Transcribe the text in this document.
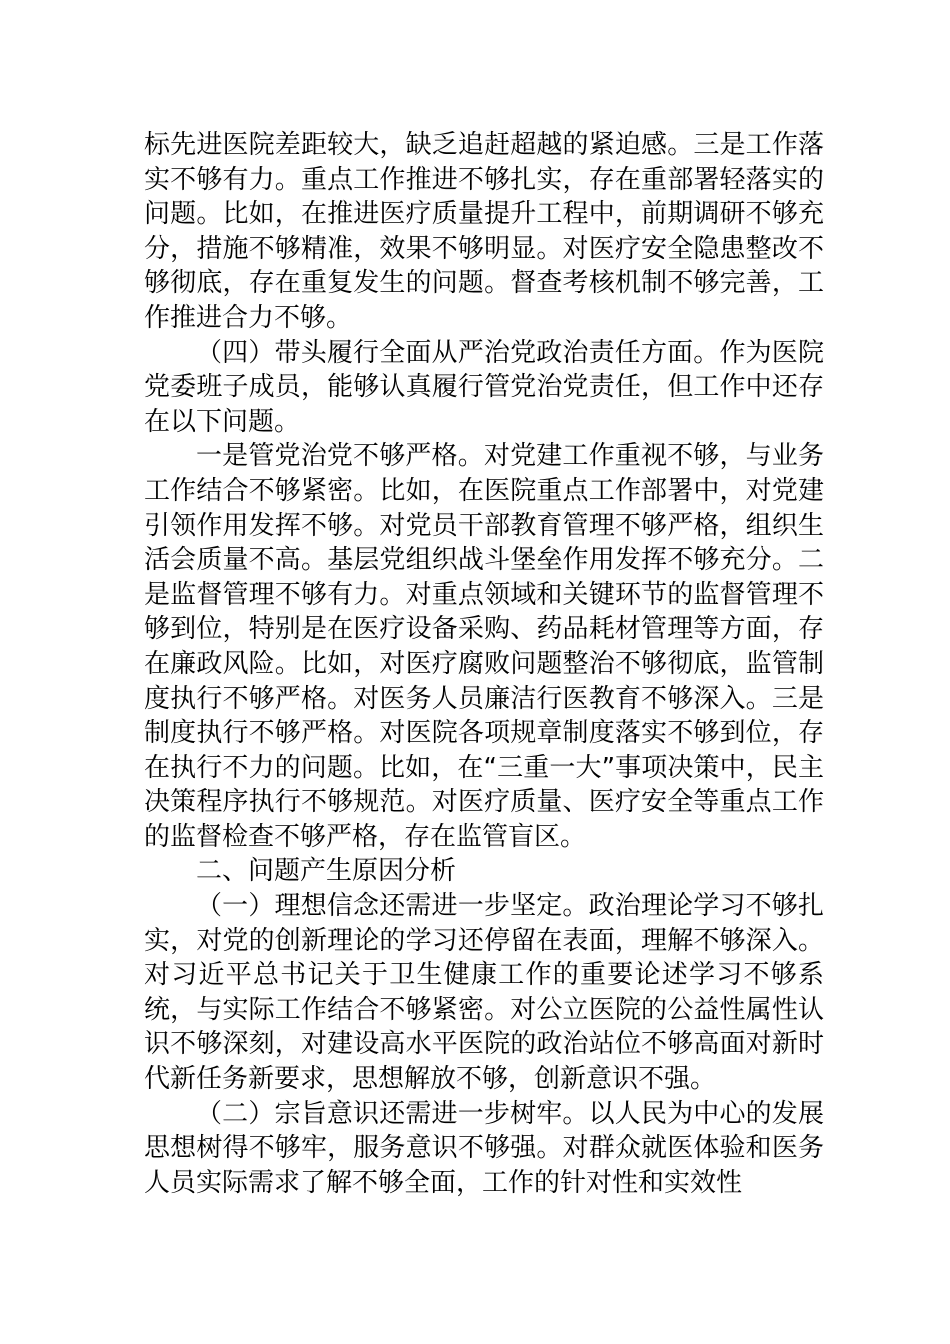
标先进医院差距较大，缺乏追赶超越的紧迫感。三是工作落实不够有力。重点工作推进不够扎实，存在重部署轻落实的问题。比如，在推进医疗质量提升工程中，前期调研不够充分，措施不够精准，效果不够明显。对医疗安全隐患整改不够彻底，存在重复发生的问题。督查考核机制不够完善，工作推进合力不够。

（四）带头履行全面从严治党政治责任方面。作为医院党委班子成员，能够认真履行管党治党责任，但工作中还存在以下问题。

一是管党治党不够严格。对党建工作重视不够，与业务工作结合不够紧密。比如，在医院重点工作部署中，对党建引领作用发挥不够。对党员干部教育管理不够严格，组织生活会质量不高。基层党组织战斗堡垒作用发挥不够充分。二是监督管理不够有力。对重点领域和关键环节的监督管理不够到位，特别是在医疗设备采购、药品耗材管理等方面，存在廉政风险。比如，对医疗腐败问题整治不够彻底，监管制度执行不够严格。对医务人员廉洁行医教育不够深入。三是制度执行不够严格。对医院各项规章制度落实不够到位，存在执行不力的问题。比如，在“三重一大”事项决策中，民主决策程序执行不够规范。对医疗质量、医疗安全等重点工作的监督检查不够严格，存在监管盲区。

二、问题产生原因分析

（一）理想信念还需进一步坚定。政治理论学习不够扎实，对党的创新理论的学习还停留在表面，理解不够深入。对习近平总书记关于卫生健康工作的重要论述学习不够系统，与实际工作结合不够紧密。对公立医院的公益性属性认识不够深刻，对建设高水平医院的政治站位不够高面对新时代新任务新要求，思想解放不够，创新意识不强。

（二）宗旨意识还需进一步树牢。以人民为中心的发展思想树得不够牢，服务意识不够强。对群众就医体验和医务人员实际需求了解不够全面，工作的针对性和实效性
